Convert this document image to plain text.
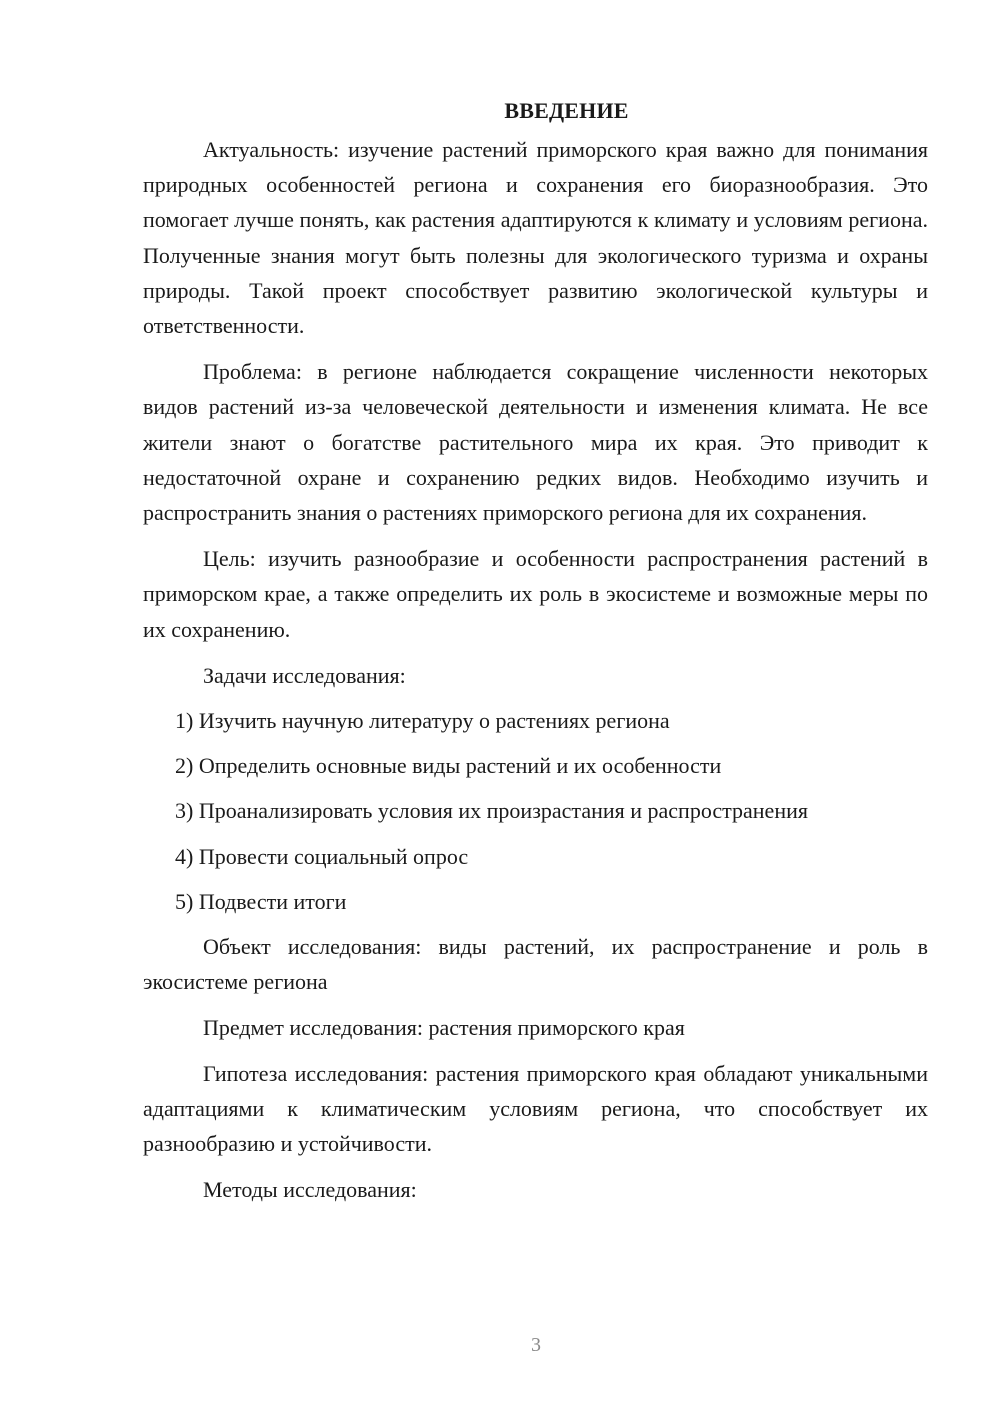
ВВЕДЕНИЕ

Актуальность: изучение растений приморского края важно для понимания природных особенностей региона и сохранения его биоразнообразия. Это помогает лучше понять, как растения адаптируются к климату и условиям региона. Полученные знания могут быть полезны для экологического туризма и охраны природы. Такой проект способствует развитию экологической культуры и ответственности.

Проблема: в регионе наблюдается сокращение численности некоторых видов растений из-за человеческой деятельности и изменения климата. Не все жители знают о богатстве растительного мира их края. Это приводит к недостаточной охране и сохранению редких видов. Необходимо изучить и распространить знания о растениях приморского региона для их сохранения.

Цель: изучить разнообразие и особенности распространения растений в приморском крае, а также определить их роль в экосистеме и возможные меры по их сохранению.

Задачи исследования:

1) Изучить научную литературу о растениях региона
2) Определить основные виды растений и их особенности
3) Проанализировать условия их произрастания и распространения
4) Провести социальный опрос
5) Подвести итоги

Объект исследования: виды растений, их распространение и роль в экосистеме региона

Предмет исследования: растения приморского края

Гипотеза исследования: растения приморского края обладают уникальными адаптациями к климатическим условиям региона, что способствует их разнообразию и устойчивости.

Методы исследования:

3
